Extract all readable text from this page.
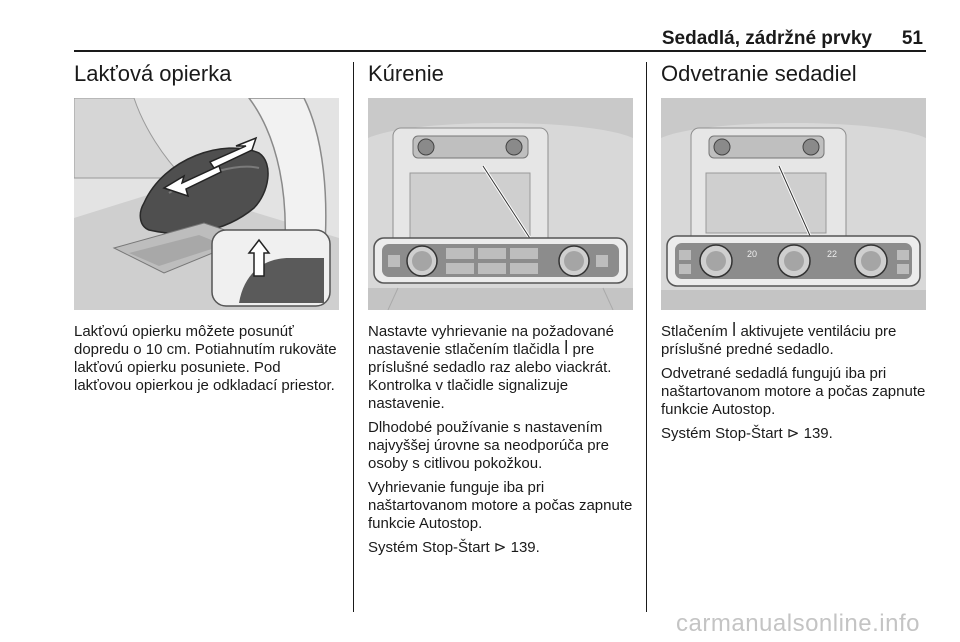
Sedadlá, zádržné prvky 51
Lakťová opierka

Lakťovú opierku môžete posunúť dopredu o 10 cm. Potiahnutím rukoväte lakťovú opierku posuniete. Pod lakťovou opierkou je odkladací priestor.

Kúrenie

Nastavte vyhrievanie na požadované nastavenie stlačením tlačidla ꟾ pre príslušné sedadlo raz alebo viackrát. Kontrolka v tlačidle signalizuje nastavenie.

Dlhodobé používanie s nastavením najvyššej úrovne sa neodporúča pre osoby s citlivou pokožkou.

Vyhrievanie funguje iba pri naštartovanom motore a počas zapnute funkcie Autostop.

Systém Stop-Štart ⊳ 139.

Odvetranie sedadiel
20	22

Stlačením ꟾ aktivujete ventiláciu pre príslušné predné sedadlo.

Odvetrané sedadlá fungujú iba pri naštartovanom motore a počas zapnute funkcie Autostop.

Systém Stop-Štart ⊳ 139.

carmanualsonline.info
